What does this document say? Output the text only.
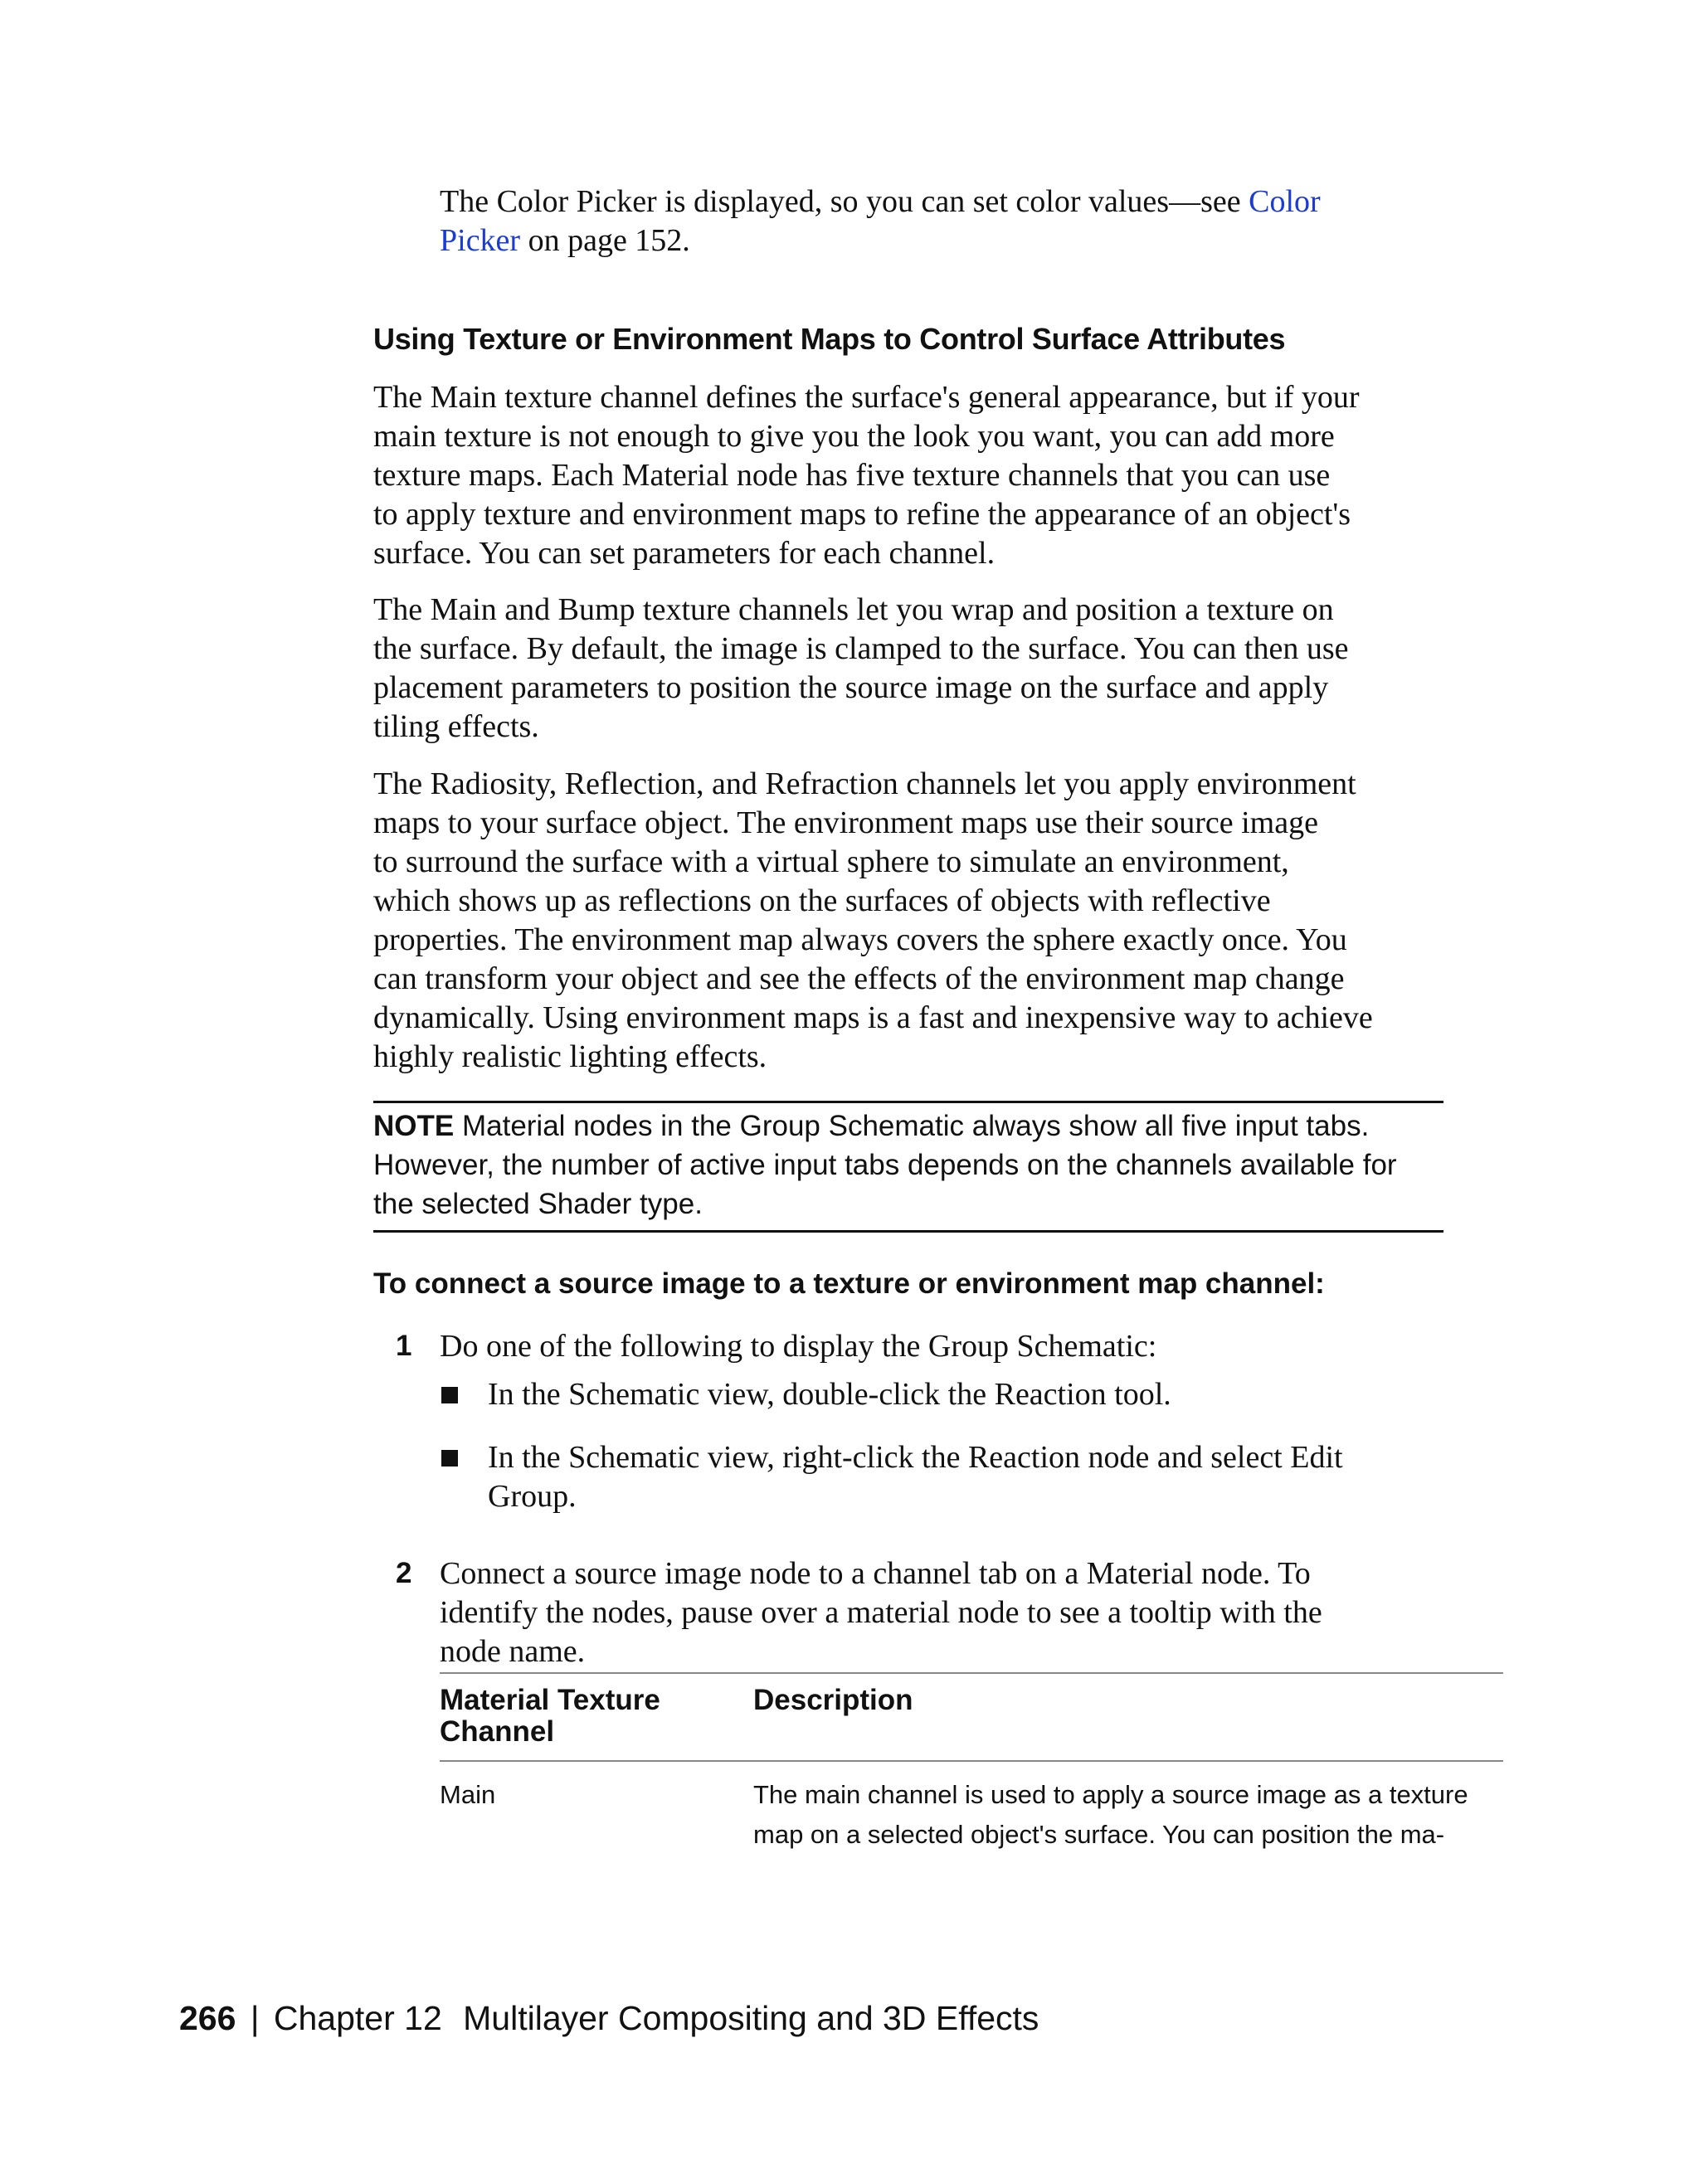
The Color Picker is displayed, so you can set color values—see Color
Picker on page 152.
Using Texture or Environment Maps to Control Surface Attributes
The Main texture channel defines the surface's general appearance, but if your
main texture is not enough to give you the look you want, you can add more
texture maps. Each Material node has five texture channels that you can use
to apply texture and environment maps to refine the appearance of an object's
surface. You can set parameters for each channel.
The Main and Bump texture channels let you wrap and position a texture on
the surface. By default, the image is clamped to the surface. You can then use
placement parameters to position the source image on the surface and apply
tiling effects.
The Radiosity, Reflection, and Refraction channels let you apply environment
maps to your surface object. The environment maps use their source image
to surround the surface with a virtual sphere to simulate an environment,
which shows up as reflections on the surfaces of objects with reflective
properties. The environment map always covers the sphere exactly once. You
can transform your object and see the effects of the environment map change
dynamically. Using environment maps is a fast and inexpensive way to achieve
highly realistic lighting effects.
NOTE Material nodes in the Group Schematic always show all five input tabs.
However, the number of active input tabs depends on the channels available for
the selected Shader type.
To connect a source image to a texture or environment map channel:
1 Do one of the following to display the Group Schematic:
In the Schematic view, double-click the Reaction tool.
In the Schematic view, right-click the Reaction node and select Edit
Group.
2 Connect a source image node to a channel tab on a Material node. To
identify the nodes, pause over a material node to see a tooltip with the
node name.
Material Texture
Channel
Description
Main	The main channel is used to apply a source image as a texture
map on a selected object's surface. You can position the ma-
266 | Chapter 12 Multilayer Compositing and 3D Effects
